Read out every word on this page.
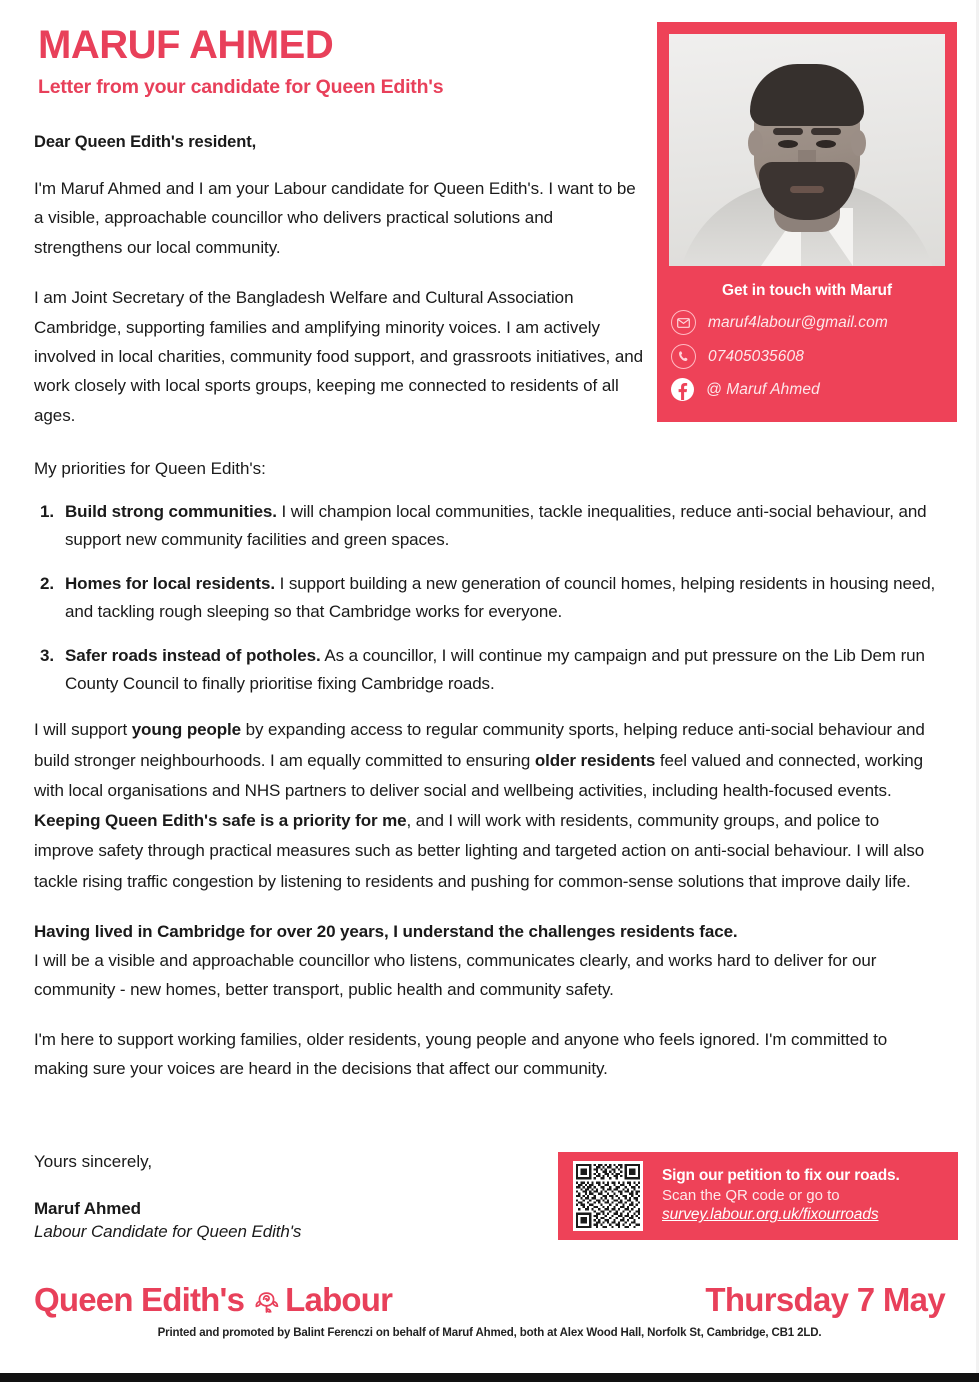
MARUF AHMED
Letter from your candidate for Queen Edith's
Get in touch with Maruf
maruf4labour@gmail.com
07405035608
@ Maruf Ahmed

Dear Queen Edith's resident,

I'm Maruf Ahmed and I am your Labour candidate for Queen Edith's. I want to be a visible, approachable councillor who delivers practical solutions and strengthens our local community.

I am Joint Secretary of the Bangladesh Welfare and Cultural Association Cambridge, supporting families and amplifying minority voices. I am actively involved in local charities, community food support, and grassroots initiatives, and work closely with local sports groups, keeping me connected to residents of all ages.

My priorities for Queen Edith's:

Build strong communities. I will champion local communities, tackle inequalities, reduce anti-social behaviour, and support new community facilities and green spaces.
Homes for local residents. I support building a new generation of council homes, helping residents in housing need, and tackling rough sleeping so that Cambridge works for everyone.
Safer roads instead of potholes. As a councillor, I will continue my campaign and put pressure on the Lib Dem run County Council to finally prioritise fixing Cambridge roads.

I will support young people by expanding access to regular community sports, helping reduce anti-social behaviour and build stronger neighbourhoods. I am equally committed to ensuring older residents feel valued and connected, working with local organisations and NHS partners to deliver social and wellbeing activities, including health-focused events. Keeping Queen Edith's safe is a priority for me, and I will work with residents, community groups, and police to improve safety through practical measures such as better lighting and targeted action on anti-social behaviour. I will also tackle rising traffic congestion by listening to residents and pushing for common-sense solutions that improve daily life.

Having lived in Cambridge for over 20 years, I understand the challenges residents face.
I will be a visible and approachable councillor who listens, communicates clearly, and works hard to deliver for our community - new homes, better transport, public health and community safety.

I'm here to support working families, older residents, young people and anyone who feels ignored. I'm committed to making sure your voices are heard in the decisions that affect our community.

Yours sincerely,

Maruf Ahmed

Labour Candidate for Queen Edith's

Sign our petition to fix our roads.
Scan the QR code or go to
survey.labour.org.uk/fixourroads
Queen Edith's Labour	Thursday 7 May
Printed and promoted by Balint Ferenczi on behalf of Maruf Ahmed, both at Alex Wood Hall, Norfolk St, Cambridge, CB1 2LD.
